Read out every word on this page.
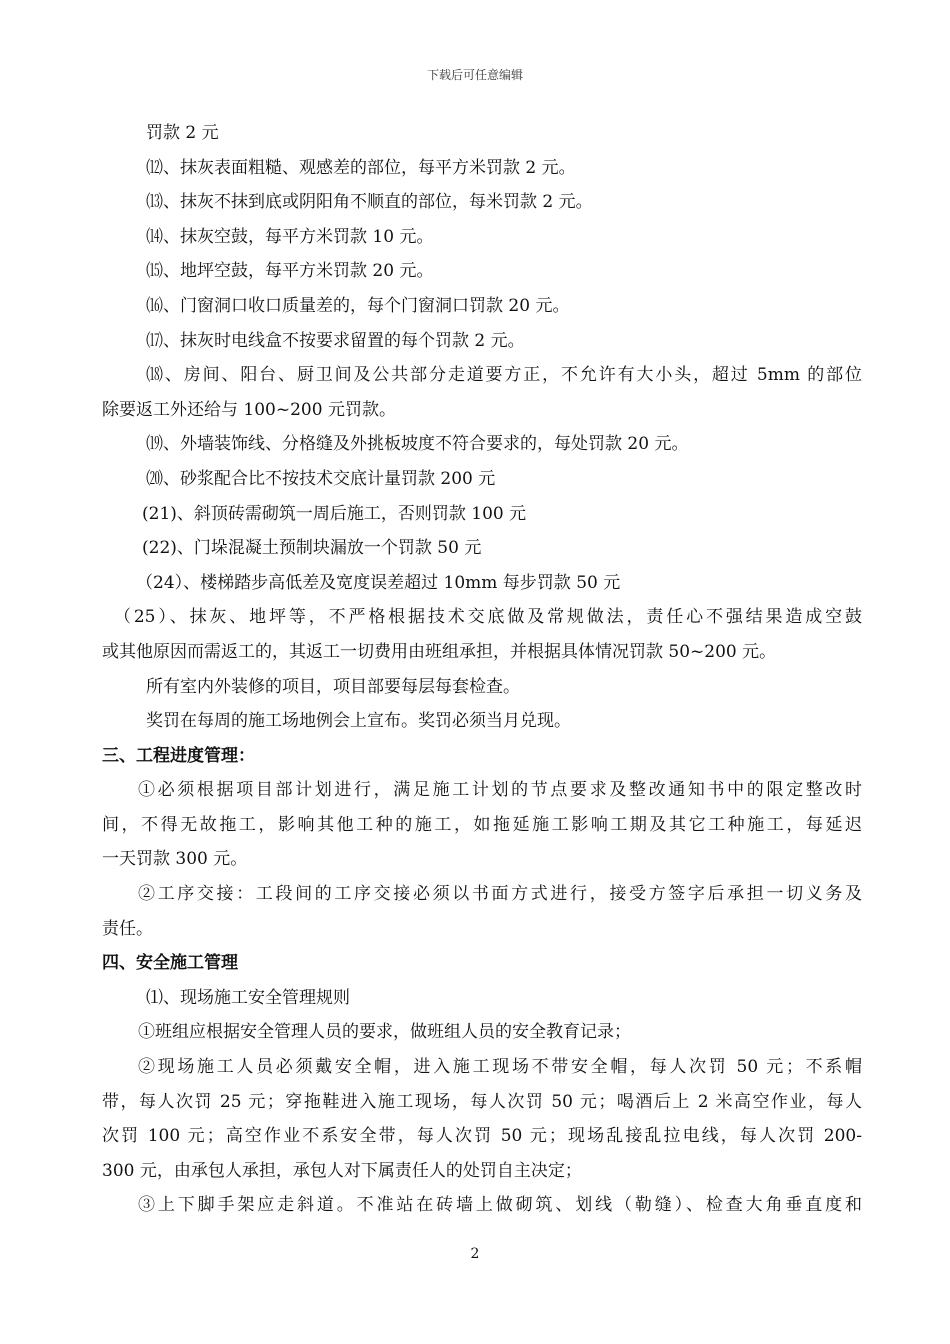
下载后可任意编辑
罚款 2 元
⑿、抹灰表面粗糙、观感差的部位，每平方米罚款 2 元。
⒀、抹灰不抹到底或阴阳角不顺直的部位，每米罚款 2 元。
⒁、抹灰空鼓，每平方米罚款 10 元。
⒂、地坪空鼓，每平方米罚款 20 元。
⒃、门窗洞口收口质量差的，每个门窗洞口罚款 20 元。
⒄、抹灰时电线盒不按要求留置的每个罚款 2 元。
⒅、房间、阳台、厨卫间及公共部分走道要方正，不允许有大小头，超过 5mm 的部位
除要返工外还给与 100~200 元罚款。
⒆、外墙装饰线、分格缝及外挑板坡度不符合要求的，每处罚款 20 元。
⒇、砂浆配合比不按技术交底计量罚款 200 元
(21)、斜顶砖需砌筑一周后施工，否则罚款 100 元
(22)、门垛混凝土预制块漏放一个罚款 50 元
（24）、楼梯踏步高低差及宽度误差超过 10mm 每步罚款 50 元
（25）、抹灰、地坪等，不严格根据技术交底做及常规做法，责任心不强结果造成空鼓
或其他原因而需返工的，其返工一切费用由班组承担，并根据具体情况罚款 50~200 元。
所有室内外装修的项目，项目部要每层每套检查。
奖罚在每周的施工场地例会上宣布。奖罚必须当月兑现。
三、工程进度管理：
①必须根据项目部计划进行，满足施工计划的节点要求及整改通知书中的限定整改时
间，不得无故拖工，影响其他工种的施工，如拖延施工影响工期及其它工种施工，每延迟
一天罚款 300 元。
②工序交接：工段间的工序交接必须以书面方式进行，接受方签字后承担一切义务及
责任。
四、安全施工管理
⑴、现场施工安全管理规则
①班组应根据安全管理人员的要求，做班组人员的安全教育记录；
②现场施工人员必须戴安全帽，进入施工现场不带安全帽，每人次罚 50 元；不系帽
带，每人次罚 25 元；穿拖鞋进入施工现场，每人次罚 50 元；喝酒后上 2 米高空作业，每人
次罚 100 元；高空作业不系安全带，每人次罚 50 元；现场乱接乱拉电线，每人次罚 200-
300 元，由承包人承担，承包人对下属责任人的处罚自主决定；
③上下脚手架应走斜道。不准站在砖墙上做砌筑、划线（勒缝）、检查大角垂直度和
2
